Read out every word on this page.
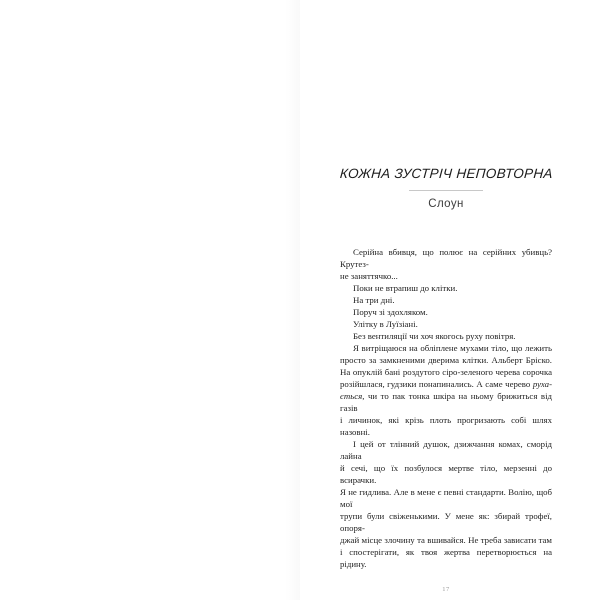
КОЖНА ЗУСТРІЧ НЕПОВТОРНА
Слоун
Серійна вбивця, що полює на серійних убивць? Крутез-
не заняттячко...
Поки не втрапиш до клітки.
На три дні.
Поруч зі здохляком.
Улітку в Луїзіані.
Без вентиляції чи хоч якогось руху повітря.
Я витріщаюся на обліплене мухами тіло, що лежить
просто за замкненими дверима клітки. Альберт Бріско.
На опуклій бані роздутого сіро-зеленого черева сорочка
розійшлася, гудзики понапинались. А саме черево руха-
ється, чи то пак тонка шкіра на ньому брижиться від газів
і личинок, які крізь плоть прогризають собі шлях назовні.
І цей от тлінний душок, дзижчання комах, сморід лайна
й сечі, що їх позбулося мертве тіло, мерзенні до всирачки.
Я не гидлива. Але в мене є певні стандарти. Волію, щоб мої
трупи були свіженькими. У мене як: збирай трофеї, опоря-
джай місце злочину та вшивайся. Не треба зависати там
і спостерігати, як твоя жертва перетворюється на рідину.
17
